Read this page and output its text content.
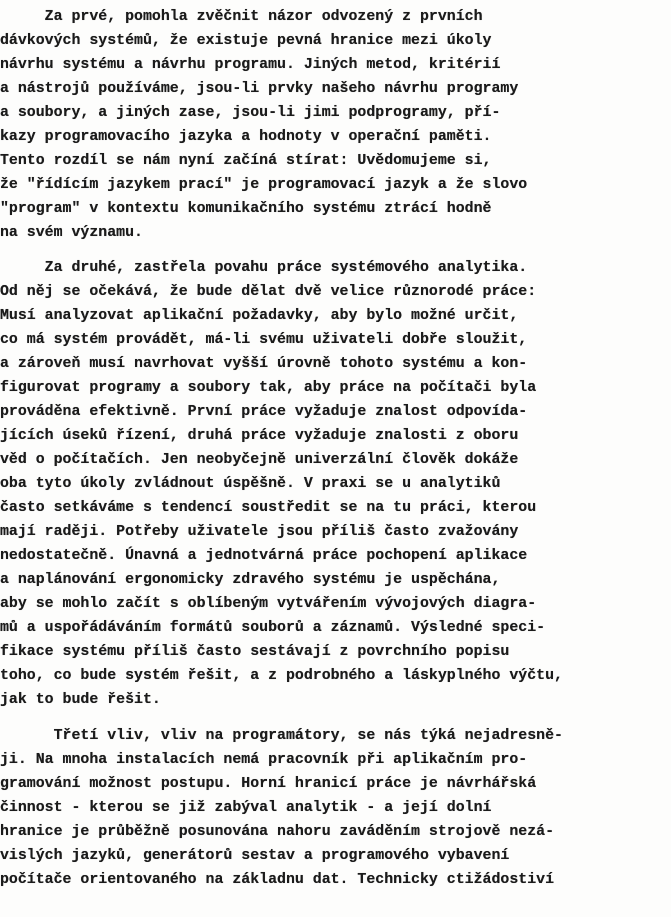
Za prvé, pomohla zvěčnit názor odvozený z prvních
dávkových systémů, že existuje pevná hranice mezi úkoly
návrhu systému a návrhu programu. Jiných metod, kritérií
a nástrojů používáme, jsou-li prvky našeho návrhu programy
a soubory, a jiných zase, jsou-li jimi podprogramy, pří-
kazy programovacího jazyka a hodnoty v operační paměti.
Tento rozdíl se nám nyní začíná stírat: Uvědomujeme si,
že "řídícím jazykem prací" je programovací jazyk a že slovo
"program" v kontextu komunikačního systému ztrácí hodně
na svém významu.
Za druhé, zastřela povahu práce systémového analytika.
Od něj se očekává, že bude dělat dvě velice různorodé práce:
Musí analyzovat aplikační požadavky, aby bylo možné určit,
co má systém provádět, má-li svému uživateli dobře sloužit,
a zároveň musí navrhovat vyšší úrovně tohoto systému a kon-
figurovat programy a soubory tak, aby práce na počítači byla
prováděna efektivně. První práce vyžaduje znalost odpovída-
jících úseků řízení, druhá práce vyžaduje znalosti z oboru
věd o počítačích. Jen neobyčejně univerzální člověk dokáže
oba tyto úkoly zvládnout úspěšně. V praxi se u analytiků
často setkáváme s tendencí soustředit se na tu práci, kterou
mají raději. Potřeby uživatele jsou příliš často zvažovány
nedostatečně. Únavná a jednotvárná práce pochopení aplikace
a naplánování ergonomicky zdravého systému je uspěchána,
aby se mohlo začít s oblíbeným vytvářením vývojových diagra-
mů a uspořádáváním formátů souborů a záznamů. Výsledné speci-
fikace systému příliš často sestávají z povrchního popisu
toho, co bude systém řešit, a z podrobného a láskyplného výčtu,
jak to bude řešit.
Třetí vliv, vliv na programátory, se nás týká nejadresně-
ji. Na mnoha instalacích nemá pracovník při aplikačním pro-
gramování možnost postupu. Horní hranicí práce je návrhářská
činnost - kterou se již zabýval analytik - a její dolní
hranice je průběžně posunována nahoru zaváděním strojově nezá-
vislých jazyků, generátorů sestav a programového vybavení
počítače orientovaného na základnu dat. Technicky ctižádostiví
